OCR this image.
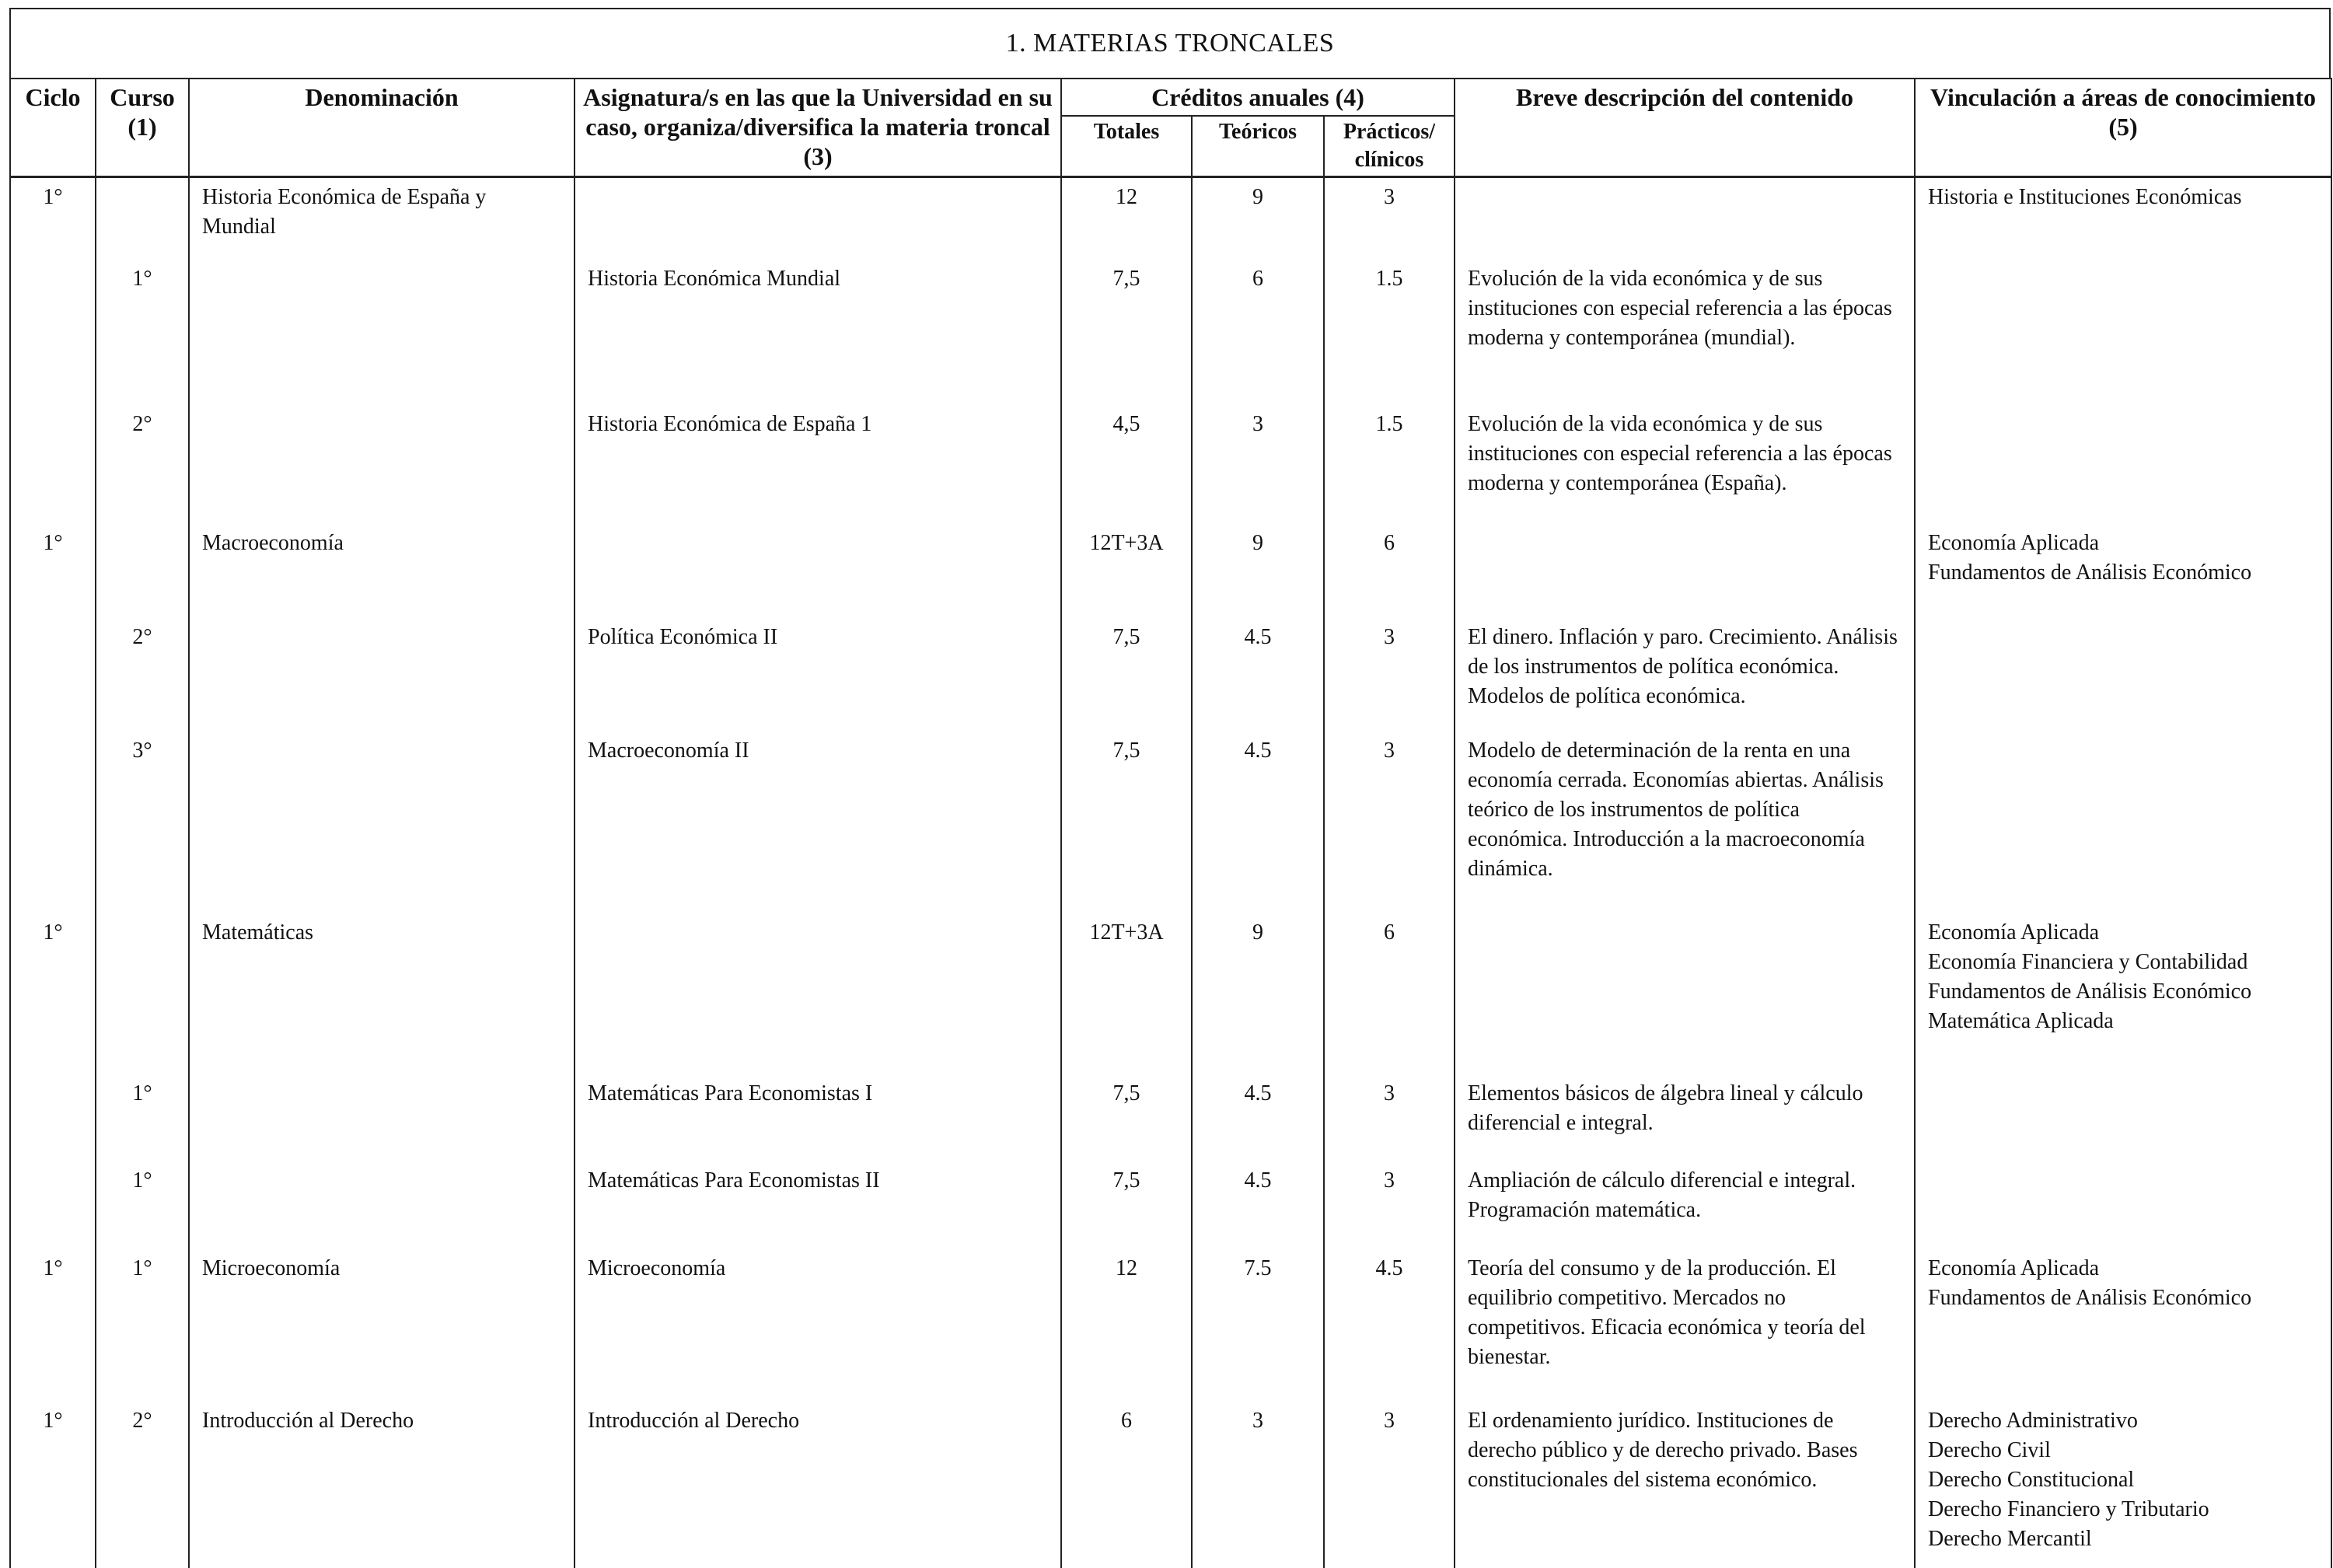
1. MATERIAS TRONCALES
Ciclo	Curso (1)	Denominación	Asignatura/s en las que la Universidad en su caso, organiza/diversifica la materia troncal (3)	Créditos anuales (4)			Breve descripción del contenido	Vinculación a áreas de conocimiento (5)
				Totales	Teóricos	Prácticos/ clínicos		
1°		Historia Económica de España y Mundial		12	9	3		Historia e Instituciones Económicas

	1°		Historia Económica Mundial	7,5	6	1.5	Evolución de la vida económica y de sus instituciones con especial referencia a las épocas moderna y contemporánea (mundial).	
	2°		Historia Económica de España 1	4,5	3	1.5	Evolución de la vida económica y de sus instituciones con especial referencia a las épocas moderna y contemporánea (España).	
1°		Macroeconomía		12T+3A	9	6		Economía Aplicada
Fundamentos de Análisis Económico

	2°		Política Económica II	7,5	4.5	3	El dinero. Inflación y paro. Crecimiento. Análisis de los instrumentos de política económica. Modelos de política económica.	
	3°		Macroeconomía II	7,5	4.5	3	Modelo de determinación de la renta en una economía cerrada. Economías abiertas. Análisis teórico de los instrumentos de política económica. Introducción a la macroeconomía dinámica.	
1°		Matemáticas		12T+3A	9	6		Economía Aplicada
Economía Financiera y Contabilidad
Fundamentos de Análisis Económico
Matemática Aplicada

	1°		Matemáticas Para Economistas I	7,5	4.5	3	Elementos básicos de álgebra lineal y cálculo diferencial e integral.	
	1°		Matemáticas Para Economistas II	7,5	4.5	3	Ampliación de cálculo diferencial e integral. Programación matemática.	
1°	1°	Microeconomía	Microeconomía	12	7.5	4.5	Teoría del consumo y de la producción. El equilibrio competitivo. Mercados no competitivos. Eficacia económica y teoría del bienestar.	Economía Aplicada
Fundamentos de Análisis Económico

1°	2°	Introducción al Derecho	Introducción al Derecho	6	3	3	El ordenamiento jurídico. Instituciones de derecho público y de derecho privado. Bases constitucionales del sistema económico.	Derecho Administrativo
Derecho Civil
Derecho Constitucional
Derecho Financiero y Tributario
Derecho Mercantil
